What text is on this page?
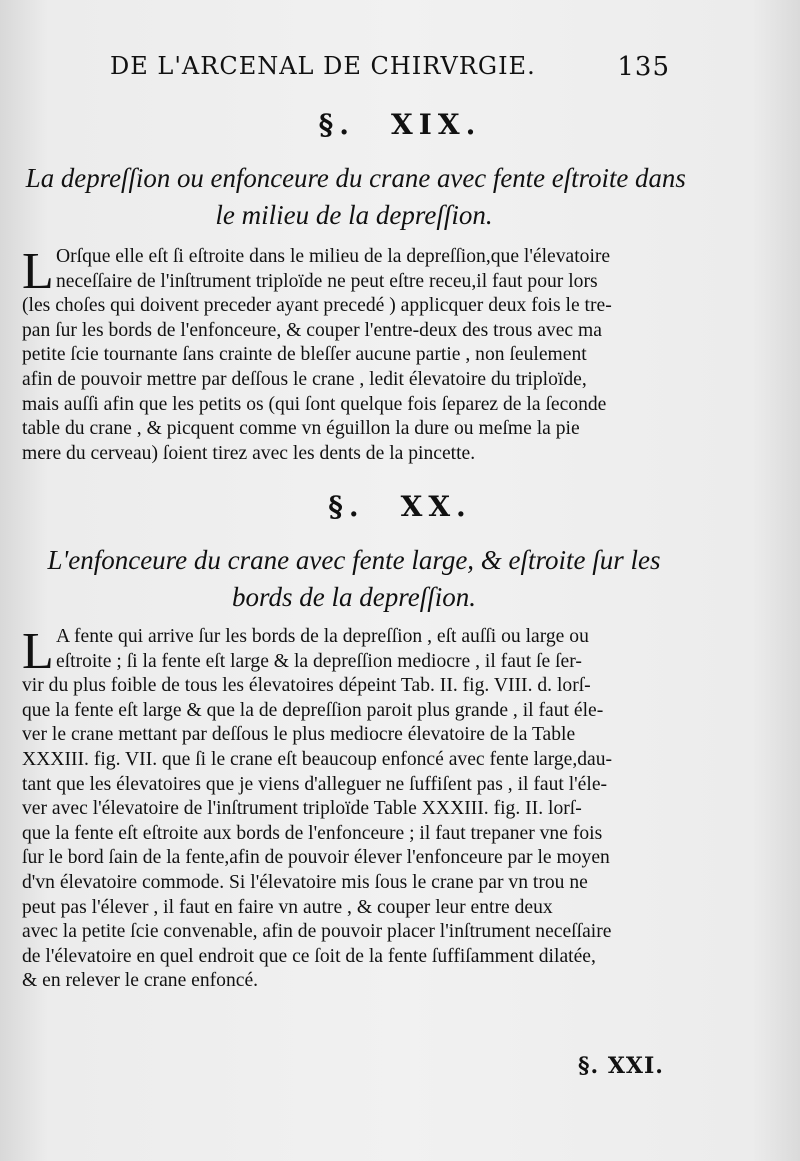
DE L'ARCENAL DE CHIRVRGIE.	135
§. XIX.
La depreſſion ou enfonceure du crane avec fente eſtroite dans
le milieu de la depreſſion.
L Orſque elle eſt ſi eſtroite dans le milieu de la depreſſion,que l'élevatoire
neceſſaire de l'inſtrument triploïde ne peut eſtre receu,il faut pour lors
(les choſes qui doivent preceder ayant precedé ) applicquer deux fois le tre-
pan ſur les bords de l'enfonceure, & couper l'entre-deux des trous avec ma
petite ſcie tournante ſans crainte de bleſſer aucune partie , non ſeulement
afin de pouvoir mettre par deſſous le crane , ledit élevatoire du triploïde,
mais auſſi afin que les petits os (qui ſont quelque fois ſeparez de la ſeconde
table du crane , & picquent comme vn éguillon la dure ou meſme la pie
mere du cerveau) ſoient tirez avec les dents de la pincette.
§. XX.
L'enfonceure du crane avec fente large, & eſtroite ſur les
bords de la depreſſion.
L A fente qui arrive ſur les bords de la depreſſion , eſt auſſi ou large ou
eſtroite ; ſi la fente eſt large & la depreſſion mediocre , il faut ſe ſer-
vir du plus foible de tous les élevatoires dépeint Tab. II. fig. VIII. d. lorſ-
que la fente eſt large & que la de depreſſion paroit plus grande , il faut éle-
ver le crane mettant par deſſous le plus mediocre élevatoire de la Table
XXXIII. fig. VII. que ſi le crane eſt beaucoup enfoncé avec fente large,dau-
tant que les élevatoires que je viens d'alleguer ne ſuffiſent pas , il faut l'éle-
ver avec l'élevatoire de l'inſtrument triploïde Table XXXIII. fig. II. lorſ-
que la fente eſt eſtroite aux bords de l'enfonceure ; il faut trepaner vne fois
ſur le bord ſain de la fente,afin de pouvoir élever l'enfonceure par le moyen
d'vn élevatoire commode. Si l'élevatoire mis ſous le crane par vn trou ne
peut pas l'élever , il faut en faire vn autre , & couper leur entre deux
avec la petite ſcie convenable, afin de pouvoir placer l'inſtrument neceſſaire
de l'élevatoire en quel endroit que ce ſoit de la fente ſuffiſamment dilatée,
& en relever le crane enfoncé.
§. XXI.
